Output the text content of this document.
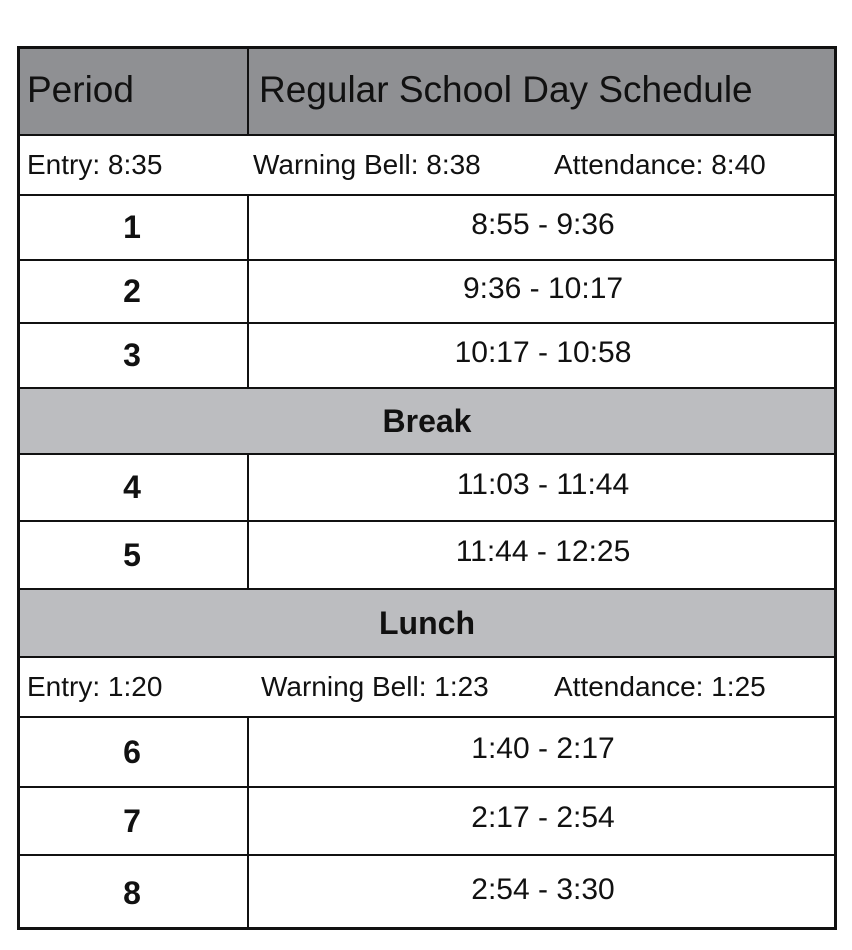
Period	Regular School Day Schedule
Entry: 8:35	Warning Bell: 8:38	Attendance: 8:40
1	8:55 - 9:36
2	9:36 - 10:17
3	10:17 - 10:58
Break
4	11:03 - 11:44
5	11:44 - 12:25
Lunch
Entry: 1:20	Warning Bell: 1:23 Attendance: 1:25
6	1:40 - 2:17
7	2:17 - 2:54
8	2:54 - 3:30
